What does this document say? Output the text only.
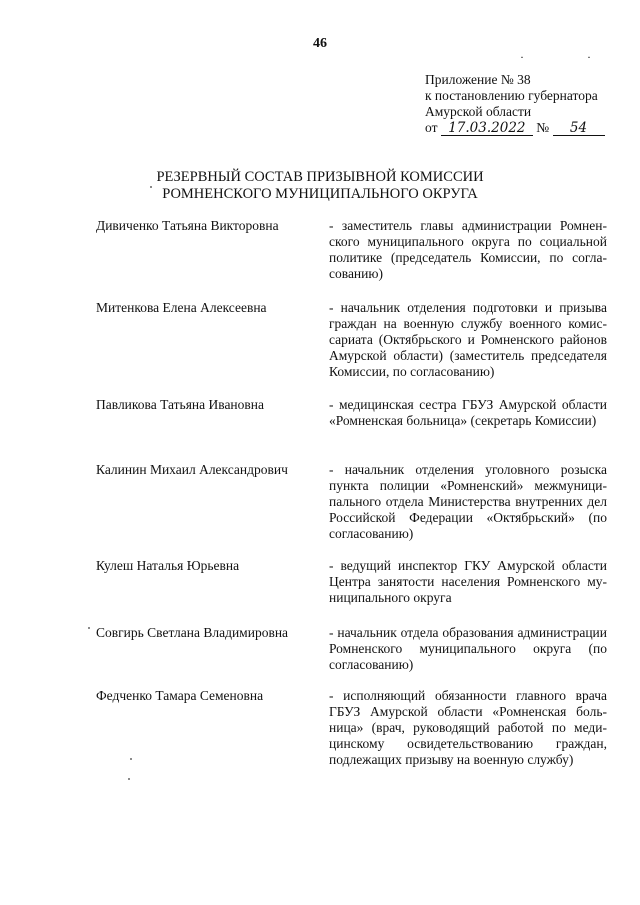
46
· ·
Приложение № 38
к постановлению губернатора
Амурской области
от 17.03.2022 № 54
РЕЗЕРВНЫЙ СОСТАВ ПРИЗЫВНОЙ КОМИССИИ
РОМНЕНСКОГО МУНИЦИПАЛЬНОГО ОКРУГА
Дивиченко Татьяна Викторовна	- заместитель главы администрации Ромненского муниципального округа по социальной политике (председатель Комиссии, по согласованию)
Митенкова Елена Алексеевна	- начальник отделения подготовки и призыва граждан на военную службу военного комиссариата (Октябрьского и Ромненского районов Амурской области) (заместитель председателя Комиссии, по согласованию)
Павликова Татьяна Ивановна	- медицинская сестра ГБУЗ Амурской области «Ромненская больница» (секретарь Комиссии)
Калинин Михаил Александрович	- начальник отделения уголовного розыска пункта полиции «Ромненский» межмуниципального отдела Министерства внутренних дел Российской Федерации «Октябрьский» (по согласованию)
Кулеш Наталья Юрьевна	- ведущий инспектор ГКУ Амурской области Центра занятости населения Ромненского муниципального округа
Совгирь Светлана Владимировна	- начальник отдела образования администрации Ромненского муниципального округа (по согласованию)
Федченко Тамара Семеновна	- исполняющий обязанности главного врача ГБУЗ Амурской области «Ромненская больница» (врач, руководящий работой по медицинскому освидетельствованию граждан, подлежащих призыву на военную службу)
